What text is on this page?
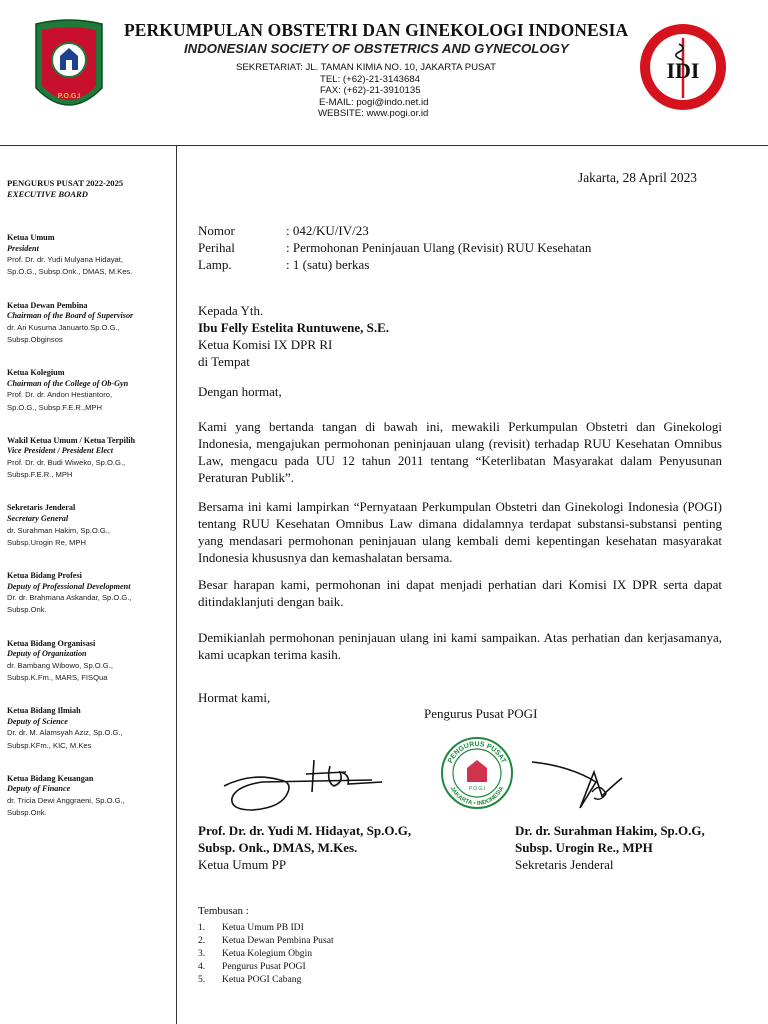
P.O.G.I
IDI
PERKUMPULAN OBSTETRI DAN GINEKOLOGI INDONESIA
INDONESIAN SOCIETY OF OBSTETRICS AND GYNECOLOGY
SEKRETARIAT: JL. TAMAN KIMIA NO. 10, JAKARTA PUSAT
TEL: (+62)-21-3143684
FAX: (+62)-21-3910135
E-MAIL: pogi@indo.net.id
WEBSITE: www.pogi.or.id
PENGURUS PUSAT 2022-2025
EXECUTIVE BOARD
Ketua Umum
President
Prof. Dr. dr. Yudi Mulyana Hidayat,
Sp.O.G., Subsp.Onk., DMAS, M.Kes.
Ketua Dewan Pembina
Chairman of the Board of Supervisor
dr. Ari Kusuma Januarto.Sp.O.G.,
Subsp.Obginsos
Ketua Kolegium
Chairman of the College of Ob-Gyn
Prof. Dr. dr. Andon Hestiantoro,
Sp.O.G., Subsp.F.E.R.,MPH
Wakil Ketua Umum / Ketua Terpilih
Vice President / President Elect
Prof. Dr. dr. Budi Wiweko, Sp.O.G.,
Subsp.F.E.R., MPH
Sekretaris Jenderal
Secretary General
dr. Surahman Hakim, Sp.O.G.,
Subsp.Urogin Re, MPH
Ketua Bidang Profesi
Deputy of Professional Development
Dr. dr. Brahmana Askandar, Sp.O.G.,
Subsp.Onk.
Ketua Bidang Organisasi
Deputy of Organization
dr. Bambang Wibowo, Sp.O.G.,
Subsp.K.Fm., MARS, FISQua
Ketua Bidang Ilmiah
Deputy of Science
Dr. dr. M. Alamsyah Aziz, Sp.O.G.,
Subsp.KFm., KIC, M.Kes
Ketua Bidang Keuangan
Deputy of Finance
dr. Tricia Dewi Anggraeni, Sp.O.G.,
Subsp.Onk.
Jakarta, 28 April 2023
Nomor	: 042/KU/IV/23
Perihal	: Permohonan Peninjauan Ulang (Revisit) RUU Kesehatan
Lamp.	: 1 (satu) berkas
Kepada Yth.
Ibu Felly Estelita Runtuwene, S.E.
Ketua Komisi IX DPR RI
di Tempat
Dengan hormat,

Kami yang bertanda tangan di bawah ini, mewakili Perkumpulan Obstetri dan Ginekologi Indonesia, mengajukan permohonan peninjauan ulang (revisit) terhadap RUU Kesehatan Omnibus Law, mengacu pada UU 12 tahun 2011 tentang “Keterlibatan Masyarakat dalam Penyusunan Peraturan Publik”.

Bersama ini kami lampirkan “Pernyataan Perkumpulan Obstetri dan Ginekologi Indonesia (POGI) tentang RUU Kesehatan Omnibus Law dimana didalamnya terdapat substansi-substansi penting yang mendasari permohonan peninjauan ulang kembali demi kepentingan kesehatan masyarakat Indonesia khususnya dan kemashalatan bersama.

Besar harapan kami, permohonan ini dapat menjadi perhatian dari Komisi IX DPR serta dapat ditindaklanjuti dengan baik.

Demikianlah permohonan peninjauan ulang ini kami sampaikan. Atas perhatian dan kerjasamanya, kami ucapkan terima kasih.

Hormat kami,
Pengurus Pusat POGI
PENGURUS PUSAT
JAKARTA • INDONESIA
P.O.G.I
Prof. Dr. dr. Yudi M. Hidayat, Sp.O.G,
Subsp. Onk., DMAS, M.Kes.
Ketua Umum PP
Dr. dr. Surahman Hakim, Sp.O.G,
Subsp. Urogin Re., MPH
Sekretaris Jenderal
Tembusan :
1.	Ketua Umum PB IDI
2.	Ketua Dewan Pembina Pusat
3.	Ketua Kolegium Obgin
4.	Pengurus Pusat POGI
5.	Ketua POGI Cabang
